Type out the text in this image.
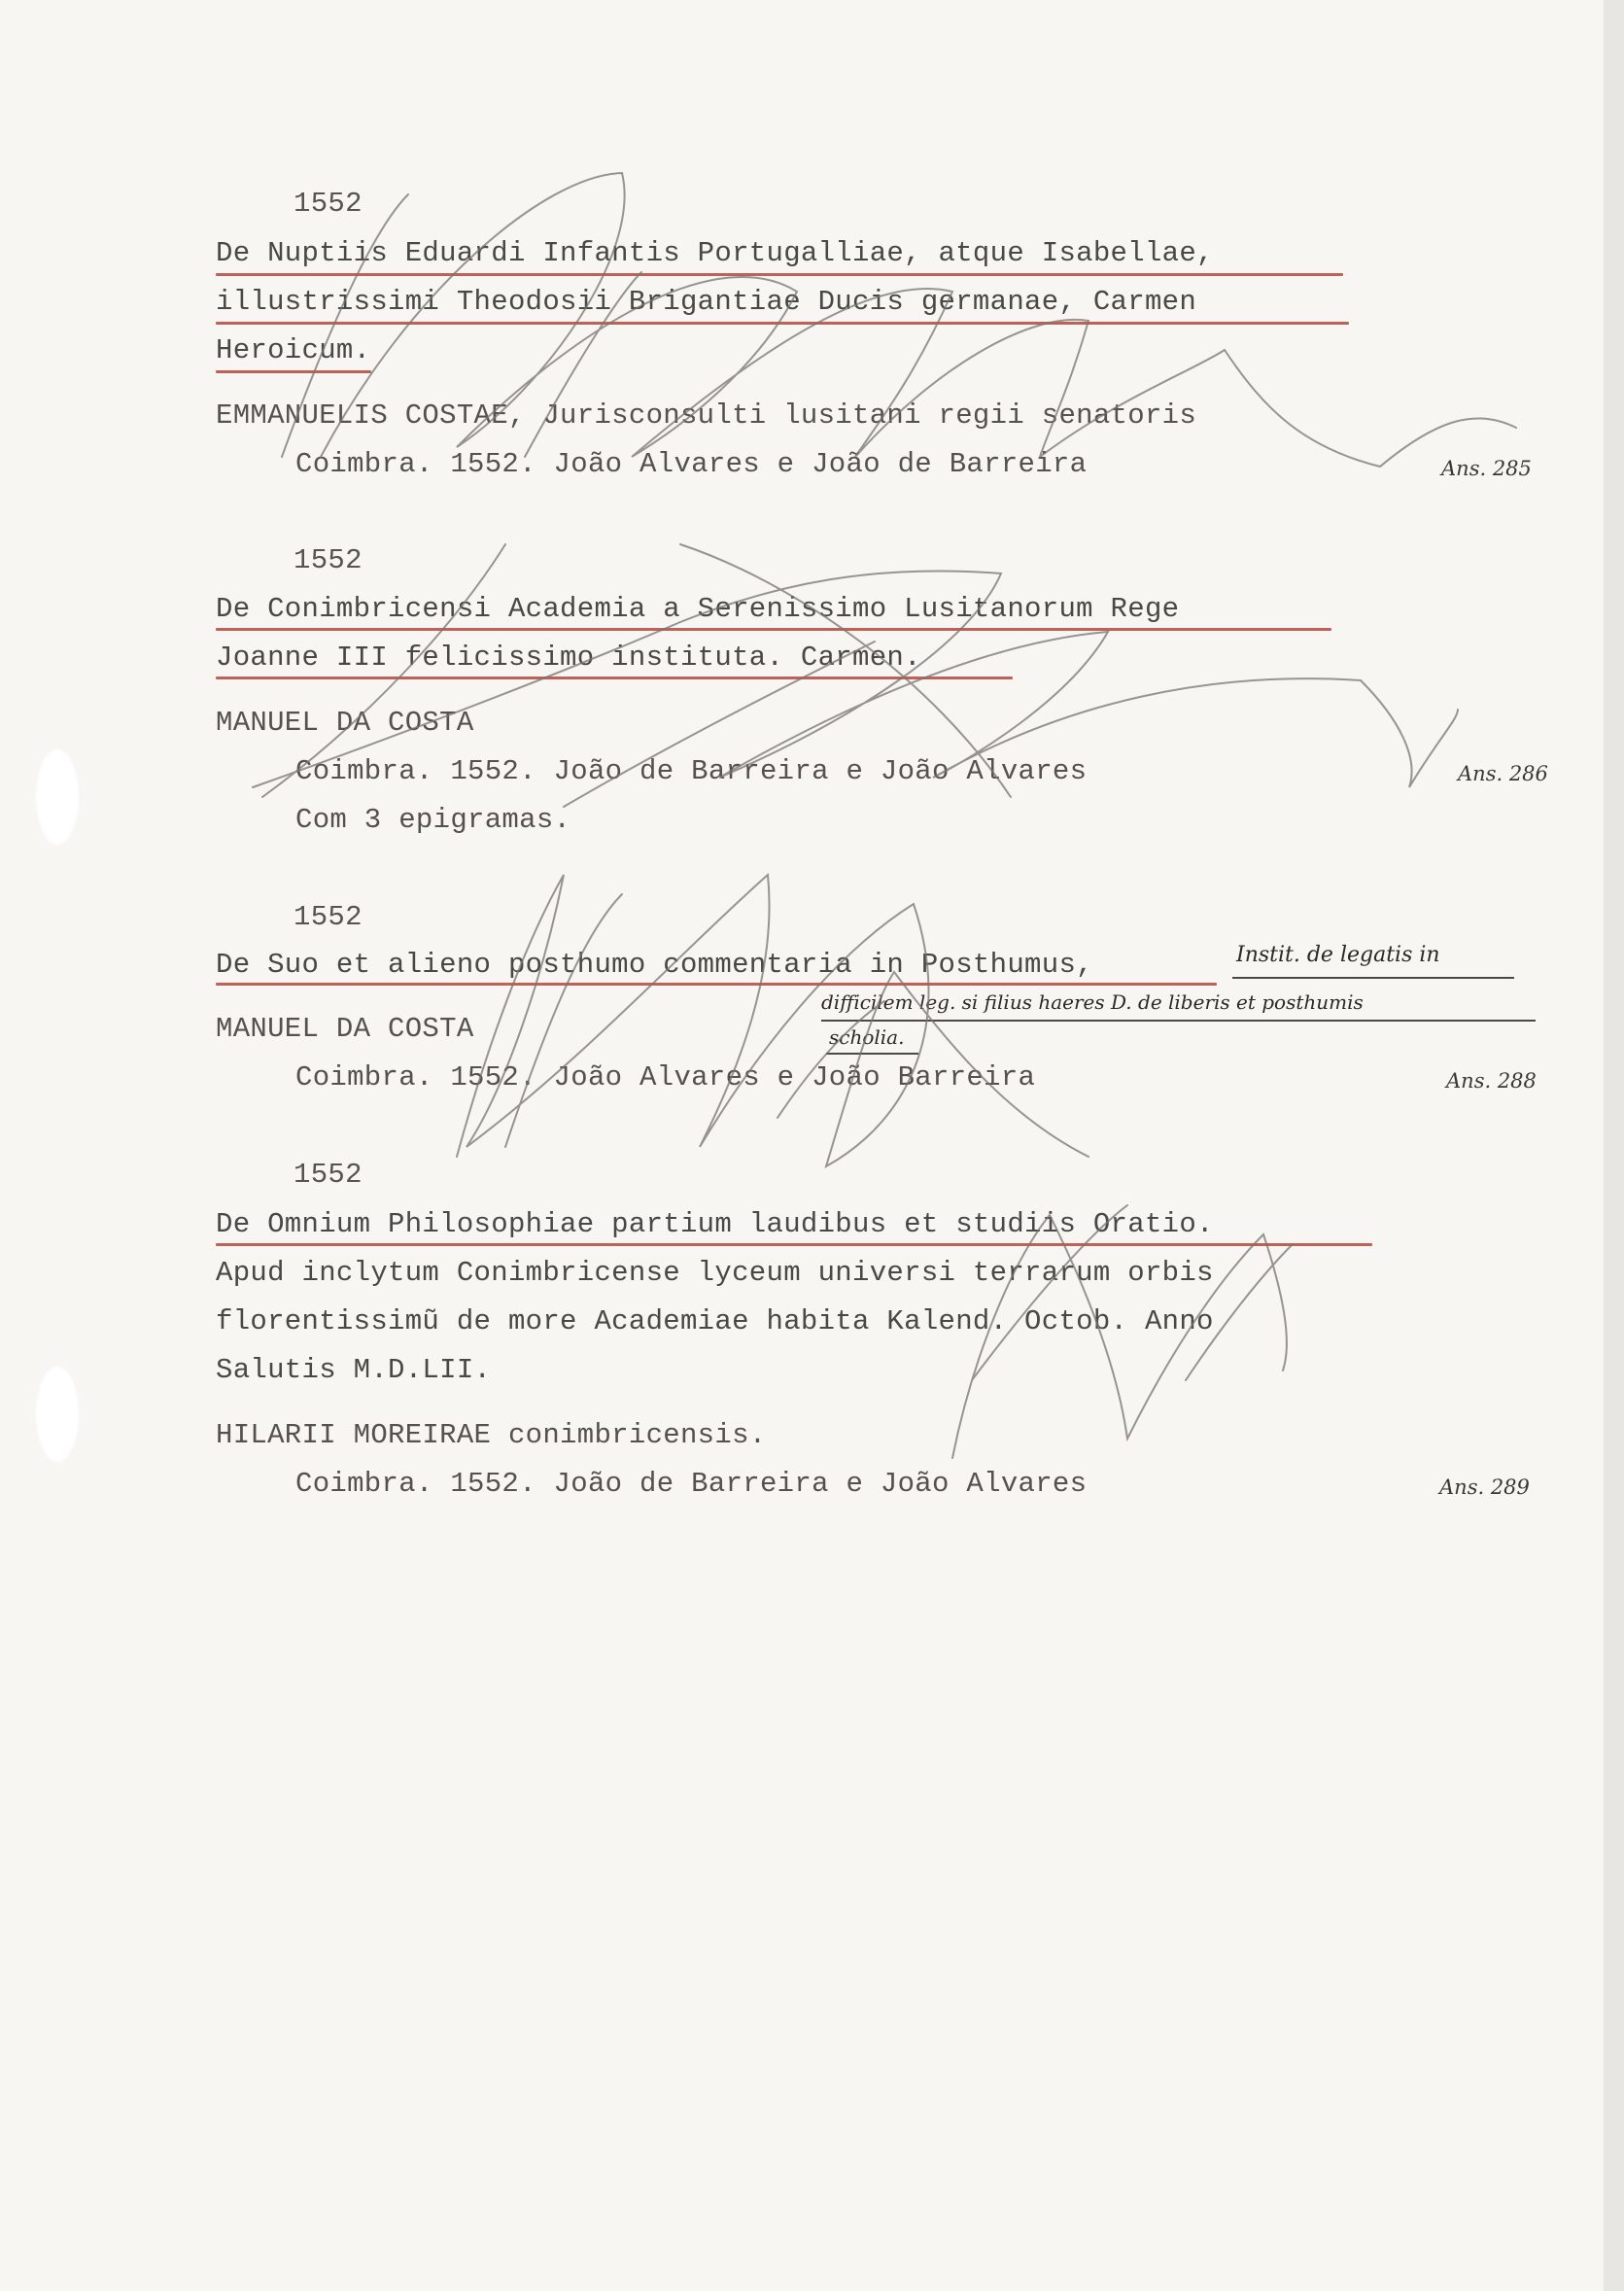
1552
De Nuptiis Eduardi Infantis Portugalliae, atque Isabellae,
illustrissimi Theodosii Brigantiae Ducis germanae, Carmen
Heroicum.
EMMANUELIS COSTAE, Jurisconsulti lusitani regii senatoris
Coimbra. 1552. João Alvares e João de Barreira	Ans. 285
1552
De Conimbricensi Academia a Serenissimo Lusitanorum Rege
Joanne III felicissimo instituta. Carmen.
MANUEL DA COSTA
Coimbra. 1552. João de Barreira e João Alvares
Com 3 epigramas.
Ans. 286
1552
De Suo et alieno posthumo commentaria in Posthumus,	Instit. de legatis in
difficilem leg. si filius haeres D. de liberis et posthumis
scholia.
MANUEL DA COSTA
Coimbra. 1552. João Alvares e João Barreira	Ans. 288
1552
De Omnium Philosophiae partium laudibus et studiis Oratio.
Apud inclytum Conimbricense lyceum universi terrarum orbis
florentissimũ de more Academiae habita Kalend. Octob. Anno
Salutis M.D.LII.
HILARII MOREIRAE conimbricensis.
Coimbra. 1552. João de Barreira e João Alvares	Ans. 289
